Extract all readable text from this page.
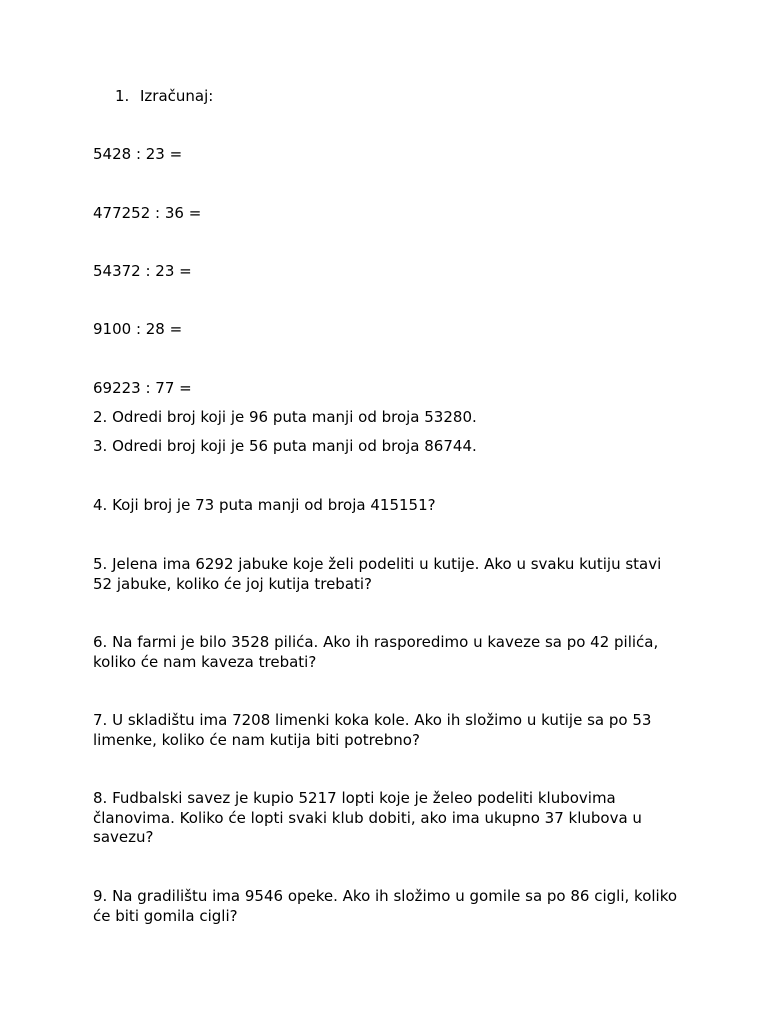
1. Izračunaj:
5428 : 23 =
477252 : 36 =
54372 : 23 =
9100 : 28 =
69223 : 77 =
2. Odredi broj koji je 96 puta manji od broja 53280.
3. Odredi broj koji je 56 puta manji od broja 86744.
4. Koji broj je 73 puta manji od broja 415151?
5. Jelena ima 6292 jabuke koje želi podeliti u kutije. Ako u svaku kutiju stavi 52 jabuke, koliko će joj kutija trebati?
6. Na farmi je bilo 3528 pilića. Ako ih rasporedimo u kaveze sa po 42 pilića, koliko će nam kaveza trebati?
7. U skladištu ima 7208 limenki koka kole. Ako ih složimo u kutije sa po 53 limenke, koliko će nam kutija biti potrebno?
8. Fudbalski savez je kupio 5217 lopti koje je želeo podeliti klubovima članovima. Koliko će lopti svaki klub dobiti, ako ima ukupno 37 klubova u savezu?
9. Na gradilištu ima 9546 opeke. Ako ih složimo u gomile sa po 86 cigli, koliko će biti gomila cigli?
